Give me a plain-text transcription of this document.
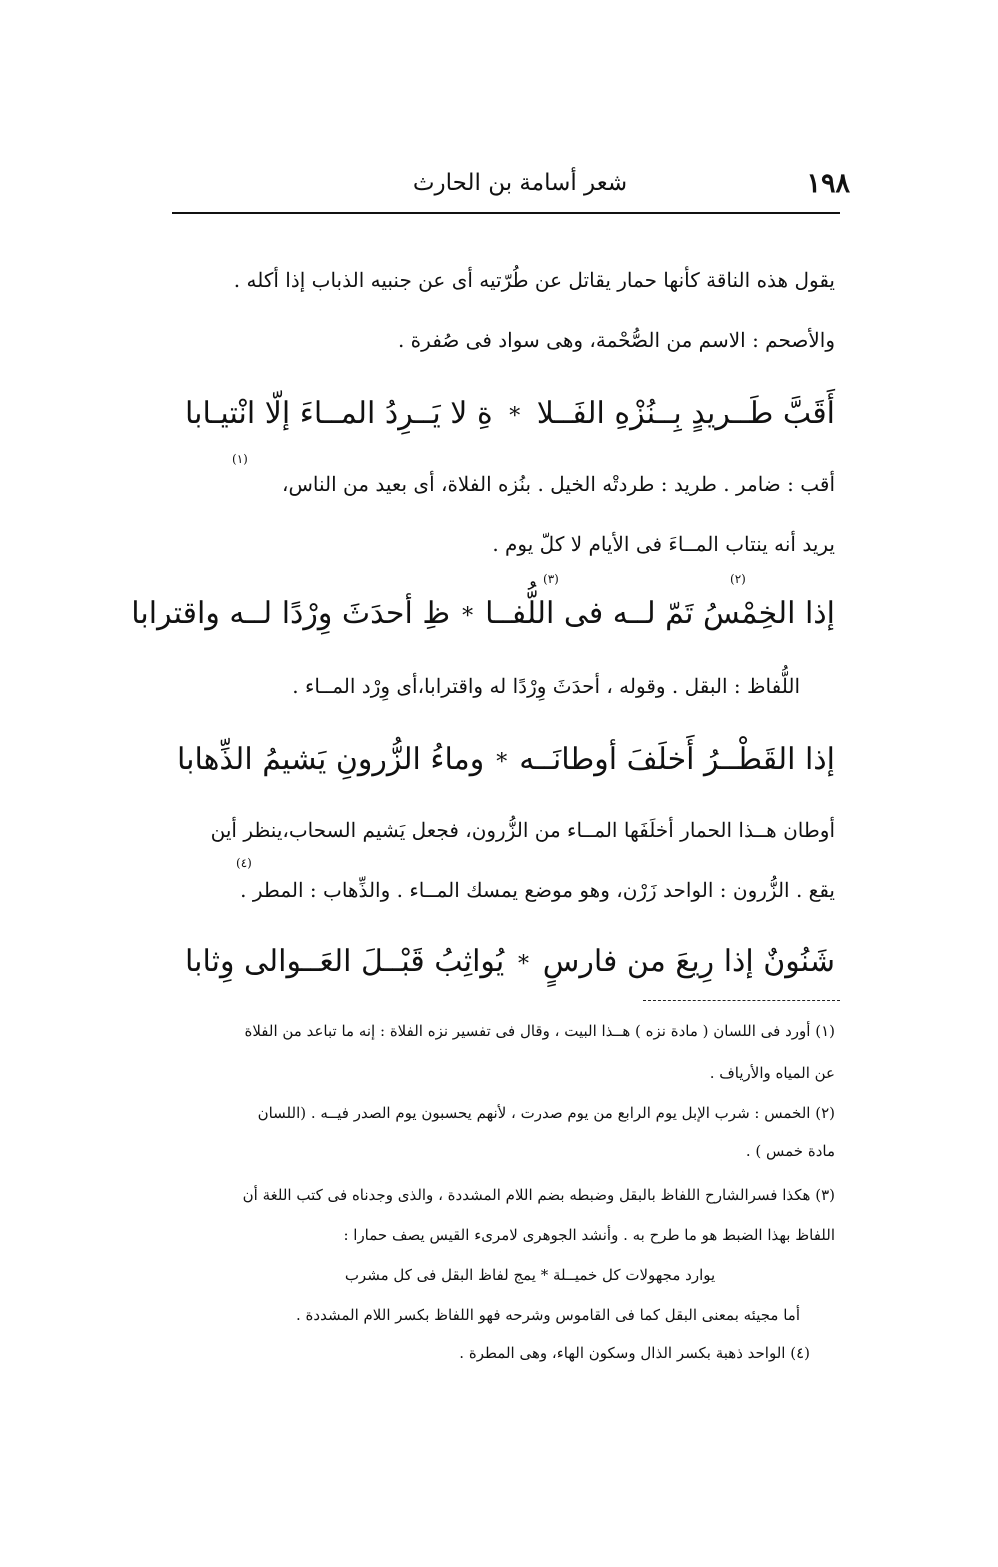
شعر أسامة بن الحارث	١٩٨
يقول هذه الناقة كأنها حمار يقاتل عن طُرّتيه أى عن جنبيه الذباب إذا أكله .
والأصحم : الاسم من الصُّحْمة، وهى سواد فى صُفرة .
أَقَبَّ طَــريدٍ بِــنُزْهِ الفَــلا
*
ةِ لا يَــرِدُ المــاءَ إلّا انْتيـابا
(١)
أقب : ضامر . طريد : طردتْه الخيل . بنُزه الفلاة، أى بعيد من الناس،
يريد أنه ينتاب المــاءَ فى الأيام لا كلّ يوم .
(٢)
(٣)
إذا الخِمْسُ تَمّ لــه فى اللُّفــا
*
ظِ أحدَثَ وِرْدًا لــه واقترابا
اللُّفاظ : البقل . وقوله ، أحدَثَ وِرْدًا له واقترابا،أى وِرْد المــاء .
إذا القَطْــرُ أَخلَفَ أوطانَــه
*
وماءُ الزُّرونِ يَشيمُ الذِّهابا
أوطان هــذا الحمار أخلَفَها المــاء من الزُّرون، فجعل يَشيم السحاب،ينظر أين
(٤)
يقع . الزُّرون : الواحد زَرْن، وهو موضع يمسك المــاء . والذِّهاب : المطر .
شَنُونٌ إذا رِيعَ من فارسٍ
*
يُواثِبُ قَبْــلَ العَــوالى وِثابا
(١) أورد فى اللسان ( مادة نزه ) هــذا البيت ، وقال فى تفسير نزه الفلاة : إنه ما تباعد من الفلاة
عن المياه والأرياف .
(٢) الخمس : شرب الإبل يوم الرابع من يوم صدرت ، لأنهم يحسبون يوم الصدر فيــه . (اللسان
مادة خمس ) .
(٣) هكذا فسرالشارح اللفاظ بالبقل وضبطه بضم اللام المشددة ، والذى وجدناه فى كتب اللغة أن
اللفاظ بهذا الضبط هو ما طرح به . وأنشد الجوهرى لامرىء القيس يصف حمارا :
يوارد مجهولات كل خميــلة * يمج لفاظ البقل فى كل مشرب
أما مجيئه بمعنى البقل كما فى القاموس وشرحه فهو اللفاظ بكسر اللام المشددة .
(٤) الواحد ذهبة بكسر الذال وسكون الهاء، وهى المطرة .
